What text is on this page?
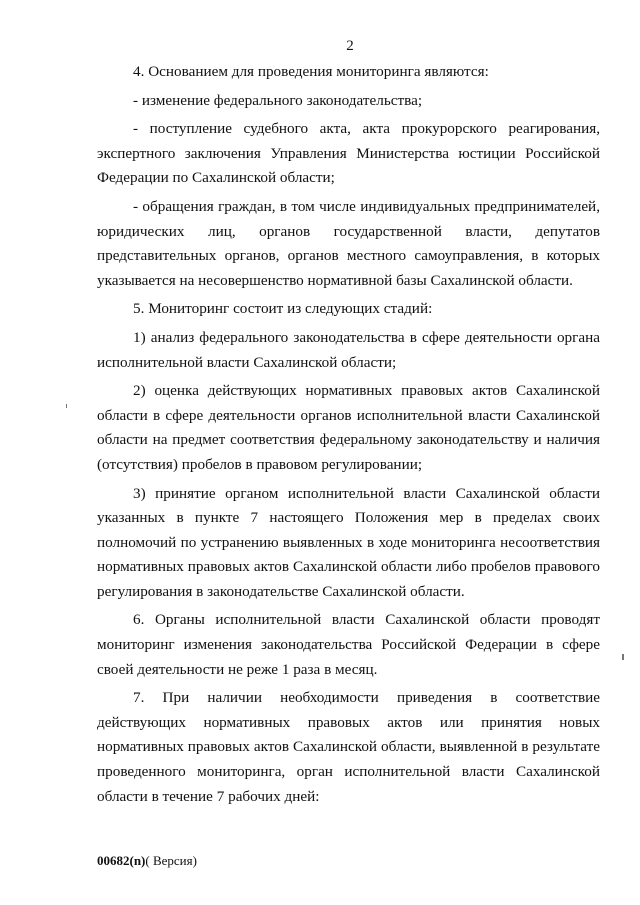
2

4. Основанием для проведения мониторинга являются:

- изменение федерального законодательства;

- поступление судебного акта, акта прокурорского реагирования, экспертного заключения Управления Министерства юстиции Российской Федерации по Сахалинской области;

- обращения граждан, в том числе индивидуальных предпринимателей, юридических лиц, органов государственной власти, депутатов представительных органов, органов местного самоуправления, в которых указывается на несовершенство нормативной базы Сахалинской области.

5. Мониторинг состоит из следующих стадий:

1) анализ федерального законодательства в сфере деятельности органа исполнительной власти Сахалинской области;

2) оценка действующих нормативных правовых актов Сахалинской области в сфере деятельности органов исполнительной власти Сахалинской области на предмет соответствия федеральному законодательству и наличия (отсутствия) пробелов в правовом регулировании;

3) принятие органом исполнительной власти Сахалинской области указанных в пункте 7 настоящего Положения мер в пределах своих полномочий по устранению выявленных в ходе мониторинга несоответствия нормативных правовых актов Сахалинской области либо пробелов правового регулирования в законодательстве Сахалинской области.

6. Органы исполнительной власти Сахалинской области проводят мониторинг изменения законодательства Российской Федерации в сфере своей деятельности не реже 1 раза в месяц.

7. При наличии необходимости приведения в соответствие действующих нормативных правовых актов или принятия новых нормативных правовых актов Сахалинской области, выявленной в результате проведенного мониторинга, орган исполнительной власти Сахалинской области в течение 7 рабочих дней:

00682(n)( Версия)
